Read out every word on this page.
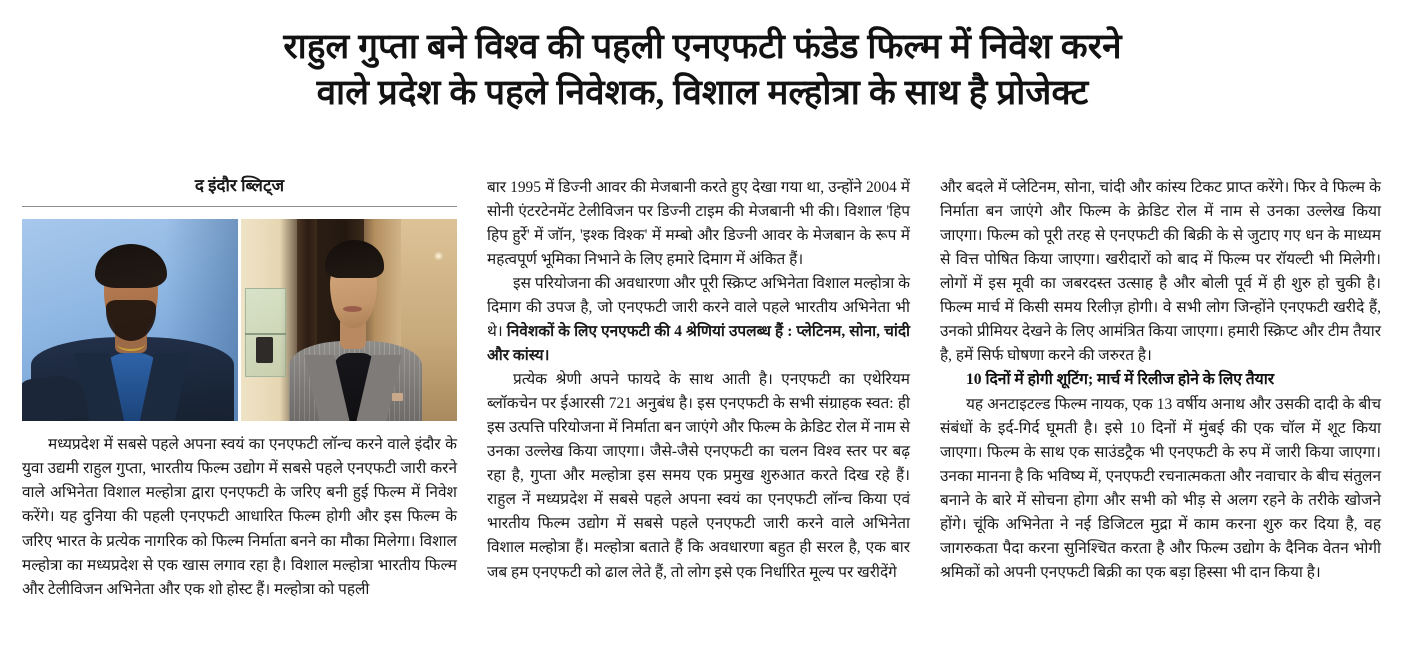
राहुल गुप्ता बने विश्व की पहली एनएफटी फंडेड फिल्म में निवेश करने
वाले प्रदेश के पहले निवेशक, विशाल मल्होत्रा के साथ है प्रोजेक्ट
द इंदौर ब्लिट्ज

मध्यप्रदेश में सबसे पहले अपना स्वयं का एनएफटी लॉन्च करने वाले इंदौर के युवा उद्यमी राहुल गुप्ता, भारतीय फिल्म उद्योग में सबसे पहले एनएफटी जारी करने वाले अभिनेता विशाल मल्होत्रा द्वारा एनएफटी के जरिए बनी हुई फिल्म में निवेश करेंगे। यह दुनिया की पहली एनएफटी आधारित फिल्म होगी और इस फिल्म के जरिए भारत के प्रत्येक नागरिक को फिल्म निर्माता बनने का मौका मिलेगा। विशाल मल्होत्रा का मध्यप्रदेश से एक खास लगाव रहा है। विशाल मल्होत्रा भारतीय फिल्म और टेलीविजन अभिनेता और एक शो होस्ट हैं। मल्होत्रा को पहली

बार 1995 में डिज्नी आवर की मेजबानी करते हुए देखा गया था, उन्होंने 2004 में सोनी एंटरटेनमेंट टेलीविजन पर डिज्नी टाइम की मेजबानी भी की। विशाल 'हिप हिप हुर्रे' में जॉन, 'इश्क विश्क' में मम्बो और डिज्नी आवर के मेजबान के रूप में महत्वपूर्ण भूमिका निभाने के लिए हमारे दिमाग में अंकित हैं।

इस परियोजना की अवधारणा और पूरी स्क्रिप्ट अभिनेता विशाल मल्होत्रा के दिमाग की उपज है, जो एनएफटी जारी करने वाले पहले भारतीय अभिनेता भी थे। निवेशकों के लिए एनएफटी की 4 श्रेणियां उपलब्ध हैं : प्लेटिनम, सोना, चांदी और कांस्य।

प्रत्येक श्रेणी अपने फायदे के साथ आती है। एनएफटी का एथेरियम ब्लॉकचेन पर ईआरसी 721 अनुबंध है। इस एनएफटी के सभी संग्राहक स्वत: ही इस उत्पत्ति परियोजना में निर्माता बन जाएंगे और फिल्म के क्रेडिट रोल में नाम से उनका उल्लेख किया जाएगा। जैसे-जैसे एनएफटी का चलन विश्व स्तर पर बढ़ रहा है, गुप्ता और मल्होत्रा इस समय एक प्रमुख शुरुआत करते दिख रहे हैं। राहुल नें मध्यप्रदेश में सबसे पहले अपना स्वयं का एनएफटी लॉन्च किया एवं भारतीय फिल्म उद्योग में सबसे पहले एनएफटी जारी करने वाले अभिनेता विशाल मल्होत्रा हैं। मल्होत्रा बताते हैं कि अवधारणा बहुत ही सरल है, एक बार जब हम एनएफटी को ढाल लेते हैं, तो लोग इसे एक निर्धारित मूल्य पर खरीदेंगे

और बदले में प्लेटिनम, सोना, चांदी और कांस्य टिकट प्राप्त करेंगे। फिर वे फिल्म के निर्माता बन जाएंगे और फिल्म के क्रेडिट रोल में नाम से उनका उल्लेख किया जाएगा। फिल्म को पूरी तरह से एनएफटी की बिक्री के से जुटाए गए धन के माध्यम से वित्त पोषित किया जाएगा। खरीदारों को बाद में फिल्म पर रॉयल्टी भी मिलेगी। लोगों में इस मूवी का जबरदस्त उत्साह है और बोली पूर्व में ही शुरु हो चुकी है। फिल्म मार्च में किसी समय रिलीज़ होगी। वे सभी लोग जिन्होंने एनएफटी खरीदे हैं, उनको प्रीमियर देखने के लिए आमंत्रित किया जाएगा। हमारी स्क्रिप्ट और टीम तैयार है, हमें सिर्फ घोषणा करने की जरुरत है।

10 दिनों में होगी शूटिंग; मार्च में रिलीज होने के लिए तैयार

यह अनटाइटल्ड फिल्म नायक, एक 13 वर्षीय अनाथ और उसकी दादी के बीच संबंधों के इर्द-गिर्द घूमती है। इसे 10 दिनों में मुंबई की एक चॉल में शूट किया जाएगा। फिल्म के साथ एक साउंडट्रैक भी एनएफटी के रुप में जारी किया जाएगा। उनका मानना है कि भविष्य में, एनएफटी रचनात्मकता और नवाचार के बीच संतुलन बनाने के बारे में सोचना होगा और सभी को भीड़ से अलग रहने के तरीके खोजने होंगे। चूंकि अभिनेता ने नई डिजिटल मुद्रा में काम करना शुरु कर दिया है, वह जागरुकता पैदा करना सुनिश्चित करता है और फिल्म उद्योग के दैनिक वेतन भोगी श्रमिकों को अपनी एनएफटी बिक्री का एक बड़ा हिस्सा भी दान किया है।
